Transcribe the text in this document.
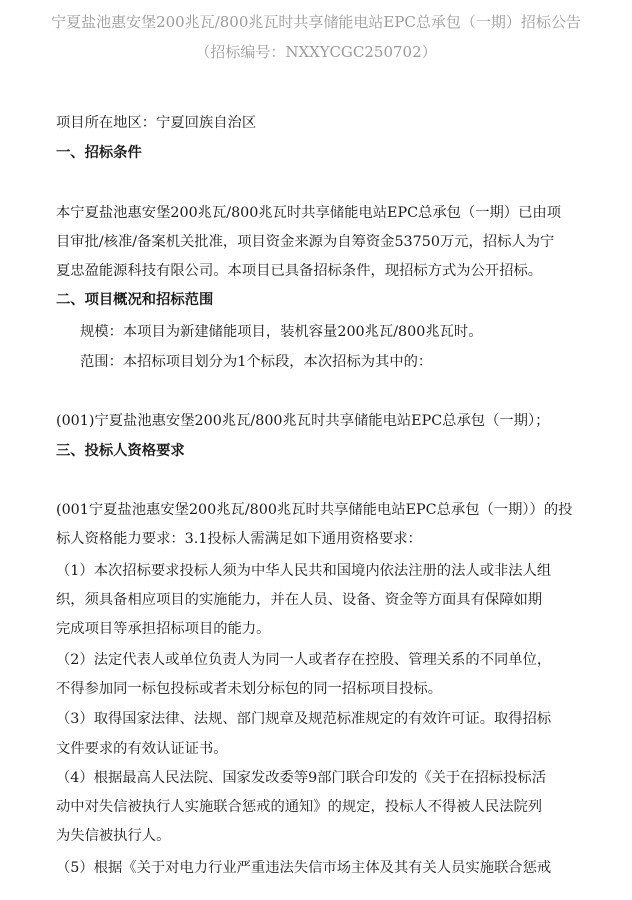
宁夏盐池惠安堡200兆瓦/800兆瓦时共享储能电站EPC总承包（一期）招标公告
（招标编号：NXXYCGC250702）
项目所在地区：宁夏回族自治区
一、招标条件
本宁夏盐池惠安堡200兆瓦/800兆瓦时共享储能电站EPC总承包（一期）已由项
目审批/核准/备案机关批准，项目资金来源为自筹资金53750万元，招标人为宁
夏忠盈能源科技有限公司。本项目已具备招标条件，现招标方式为公开招标。
二、项目概况和招标范围
规模：本项目为新建储能项目，装机容量200兆瓦/800兆瓦时。
范围：本招标项目划分为1个标段，本次招标为其中的：
(001)宁夏盐池惠安堡200兆瓦/800兆瓦时共享储能电站EPC总承包（一期）；
三、投标人资格要求
(001宁夏盐池惠安堡200兆瓦/800兆瓦时共享储能电站EPC总承包（一期））的投
标人资格能力要求：3.1投标人需满足如下通用资格要求：
（1）本次招标要求投标人须为中华人民共和国境内依法注册的法人或非法人组
织，须具备相应项目的实施能力，并在人员、设备、资金等方面具有保障如期
完成项目等承担招标项目的能力。
（2）法定代表人或单位负责人为同一人或者存在控股、管理关系的不同单位，
不得参加同一标包投标或者未划分标包的同一招标项目投标。
（3）取得国家法律、法规、部门规章及规范标准规定的有效许可证。取得招标
文件要求的有效认证证书。
（4）根据最高人民法院、国家发改委等9部门联合印发的《关于在招标投标活
动中对失信被执行人实施联合惩戒的通知》的规定，投标人不得被人民法院列
为失信被执行人。
（5）根据《关于对电力行业严重违法失信市场主体及其有关人员实施联合惩戒
